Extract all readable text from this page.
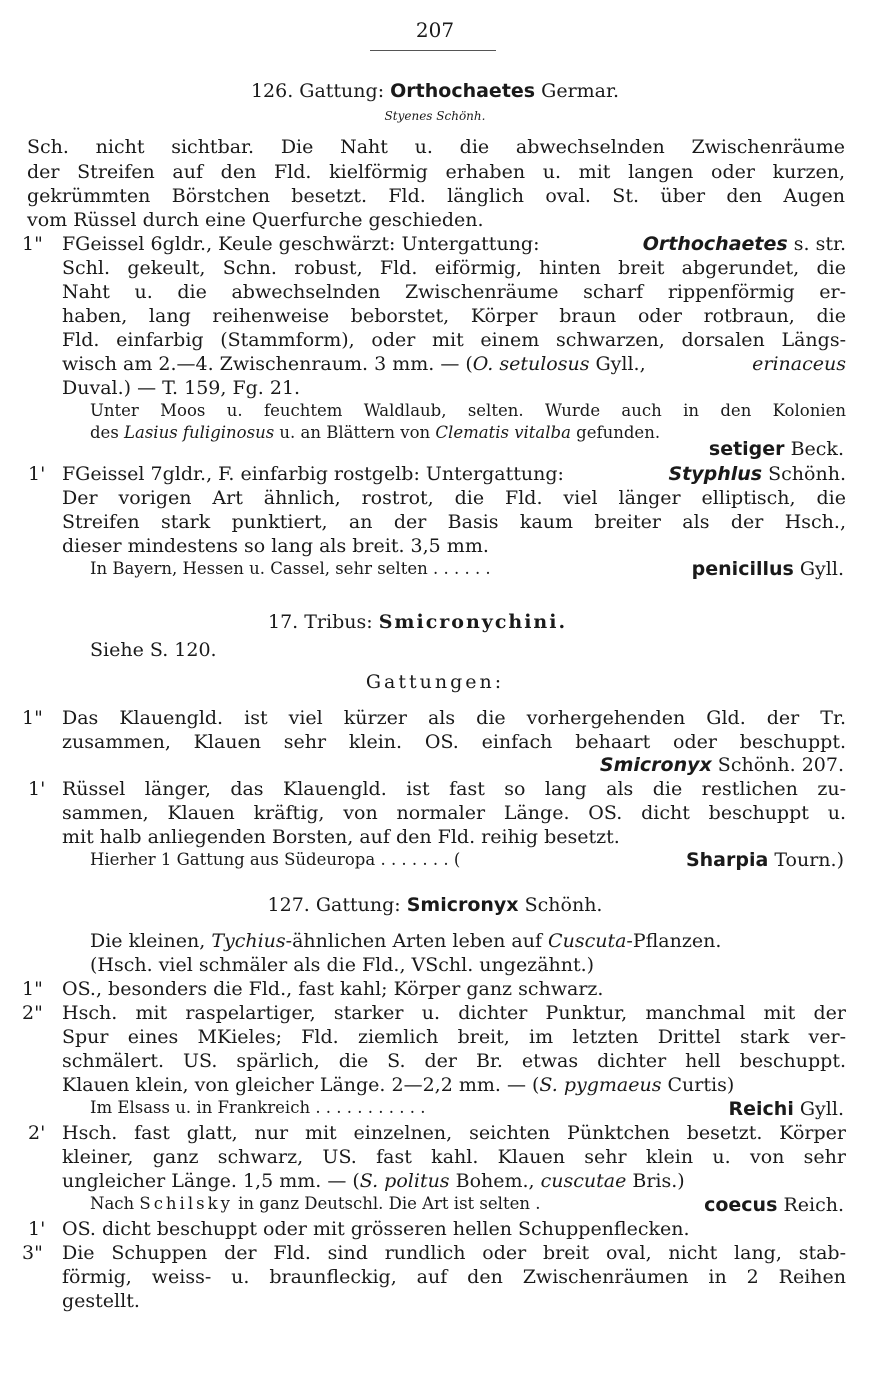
207
126. Gattung: Orthochaetes Germar.
Styenes Schönh.
Sch. nicht sichtbar. Die Naht u. die abwechselnden Zwischenräume
der Streifen auf den Fld. kielförmig erhaben u. mit langen oder kurzen,
gekrümmten Börstchen besetzt. Fld. länglich oval. St. über den Augen
vom Rüssel durch eine Querfurche geschieden.
1" FGeissel 6gldr., Keule geschwärzt: Untergattung:	Orthochaetes s. str.
Schl. gekeult, Schn. robust, Fld. eiförmig, hinten breit abgerundet, die
Naht u. die abwechselnden Zwischenräume scharf rippenförmig er-
haben, lang reihenweise beborstet, Körper braun oder rotbraun, die
Fld. einfarbig (Stammform), oder mit einem schwarzen, dorsalen Längs-
wisch am 2.—4. Zwischenraum. 3 mm. — (O. setulosus Gyll.,	erinaceus
Duval.) — T. 159, Fg. 21.
Unter Moos u. feuchtem Waldlaub, selten. Wurde auch in den Kolonien
des Lasius fuliginosus u. an Blättern von Clematis vitalba gefunden.
setiger Beck.
1' FGeissel 7gldr., F. einfarbig rostgelb: Untergattung:	Styphlus Schönh.
Der vorigen Art ähnlich, rostrot, die Fld. viel länger elliptisch, die
Streifen stark punktiert, an der Basis kaum breiter als der Hsch.,
dieser mindestens so lang als breit. 3,5 mm.
In Bayern, Hessen u. Cassel, sehr selten . . . . . .	penicillus Gyll.
17. Tribus: Smicronychini.
Siehe S. 120.
Gattungen:
1" Das Klauengld. ist viel kürzer als die vorhergehenden Gld. der Tr.
zusammen, Klauen sehr klein. OS. einfach behaart oder beschuppt.
Smicronyx Schönh. 207.
1' Rüssel länger, das Klauengld. ist fast so lang als die restlichen zu-
sammen, Klauen kräftig, von normaler Länge. OS. dicht beschuppt u.
mit halb anliegenden Borsten, auf den Fld. reihig besetzt.
Hierher 1 Gattung aus Südeuropa . . . . . . . (	Sharpia Tourn.)
127. Gattung: Smicronyx Schönh.
Die kleinen, Tychius-ähnlichen Arten leben auf Cuscuta-Pflanzen.
(Hsch. viel schmäler als die Fld., VSchl. ungezähnt.)
1" OS., besonders die Fld., fast kahl; Körper ganz schwarz.
2" Hsch. mit raspelartiger, starker u. dichter Punktur, manchmal mit der
Spur eines MKieles; Fld. ziemlich breit, im letzten Drittel stark ver-
schmälert. US. spärlich, die S. der Br. etwas dichter hell beschuppt.
Klauen klein, von gleicher Länge. 2—2,2 mm. — (S. pygmaeus Curtis)
Im Elsass u. in Frankreich . . . . . . . . . . .	Reichi Gyll.
2' Hsch. fast glatt, nur mit einzelnen, seichten Pünktchen besetzt. Körper
kleiner, ganz schwarz, US. fast kahl. Klauen sehr klein u. von sehr
ungleicher Länge. 1,5 mm. — (S. politus Bohem., cuscutae Bris.)
Nach Schilsky in ganz Deutschl. Die Art ist selten .	coecus Reich.
1' OS. dicht beschuppt oder mit grösseren hellen Schuppenflecken.
3" Die Schuppen der Fld. sind rundlich oder breit oval, nicht lang, stab-
förmig, weiss- u. braunfleckig, auf den Zwischenräumen in 2 Reihen
gestellt.
